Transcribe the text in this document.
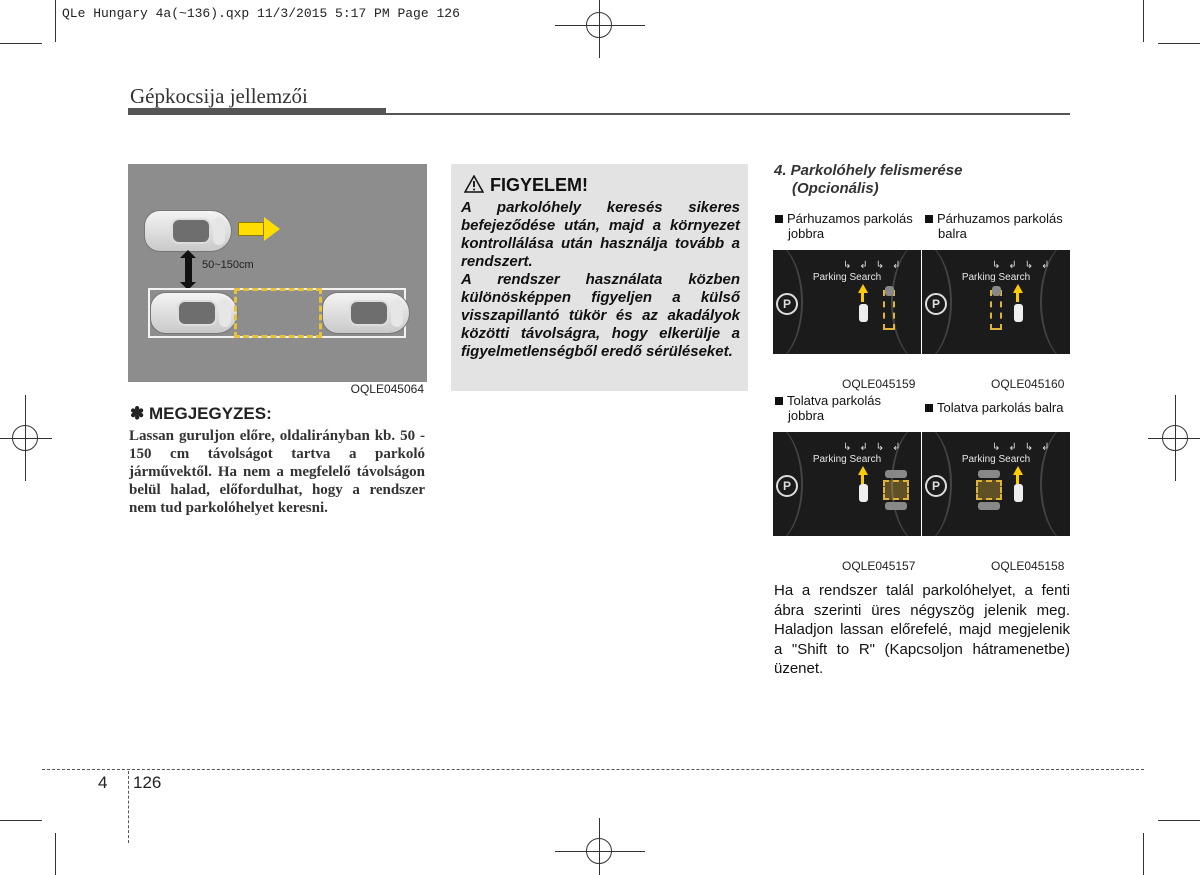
QLe Hungary 4a(~136).qxp 11/3/2015 5:17 PM Page 126
Gépkocsija jellemzői
50~150cm
OQLE045064
✽ MEGJEGYZES:
Lassan guruljon előre, oldalirányban kb. 50 - 150 cm távolságot tartva a parkoló járművektől. Ha nem a megfelelő távolságon belül halad, előfordulhat, hogy a rendszer nem tud parkolóhelyet keresni.
FIGYELEM!

A parkolóhely keresés sikeres befejeződése után, majd a környezet kontrollálása után használja tovább a rendszert.

A rendszer használata közben különösképpen figyeljen a külső visszapillantó tükör és az akadályok közötti távolságra, hogy elkerülje a figyelmetlenségből eredő sérüléseket.

4. Parkolóhely felismerése
(Opcionális)
Párhuzamos parkolás
jobbra
↳↲↳↲
Parking Search
P
OQLE045159
Párhuzamos parkolás
balra
↳↲↳↲
Parking Search
P
OQLE045160
Tolatva parkolás
jobbra
↳↲↳↲
Parking Search
P
OQLE045157
Tolatva parkolás balra
↳↲↳↲
Parking Search
P
OQLE045158
Ha a rendszer talál parkolóhelyet, a fenti ábra szerinti üres négyszög jelenik meg. Haladjon lassan előrefelé, majd megjelenik a "Shift to R" (Kapcsoljon hátramenetbe) üzenet.
4 126
